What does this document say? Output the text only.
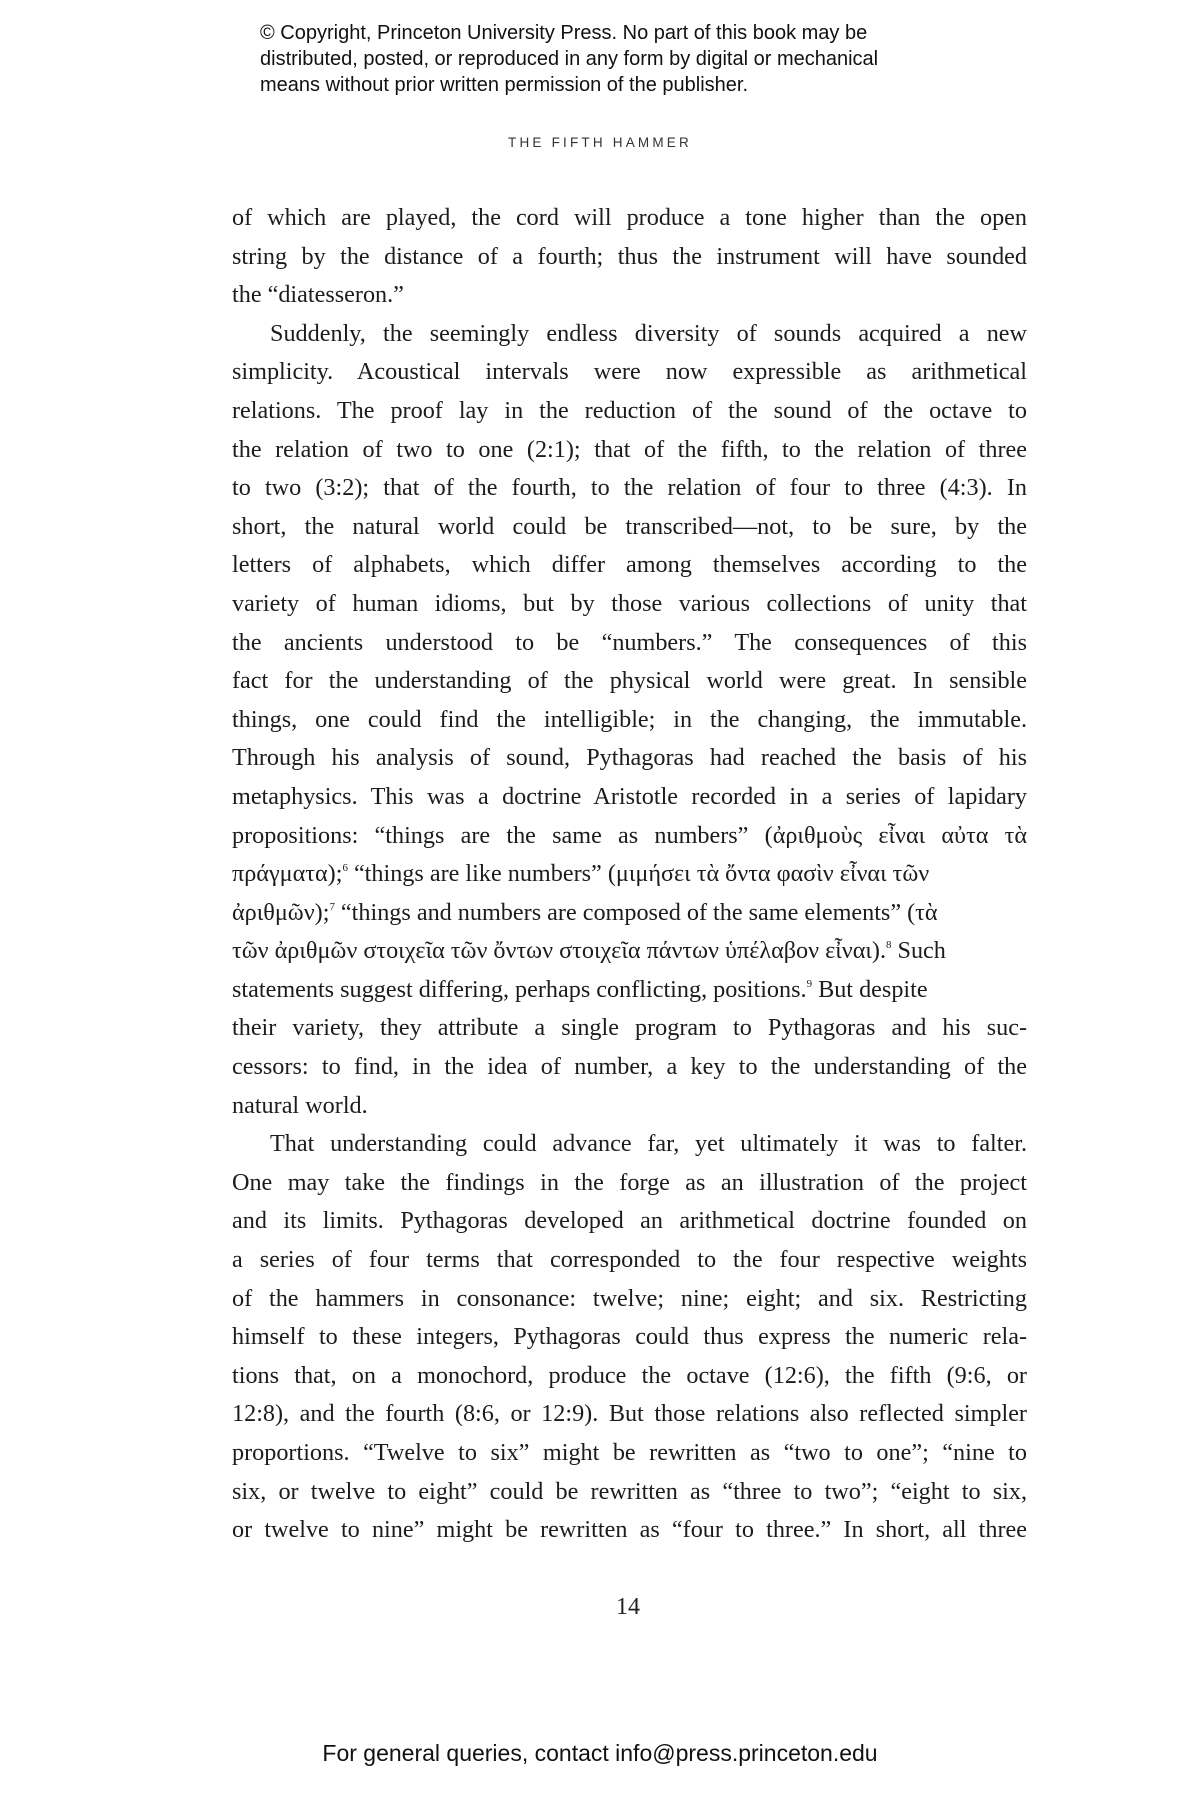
© Copyright, Princeton University Press. No part of this book may be
distributed, posted, or reproduced in any form by digital or mechanical
means without prior written permission of the publisher.
THE FIFTH HAMMER
of which are played, the cord will produce a tone higher than the open
string by the distance of a fourth; thus the instrument will have sounded
the “diatesseron.”
Suddenly, the seemingly endless diversity of sounds acquired a new
simplicity. Acoustical intervals were now expressible as arithmetical
relations. The proof lay in the reduction of the sound of the octave to
the relation of two to one (2:1); that of the fifth, to the relation of three
to two (3:2); that of the fourth, to the relation of four to three (4:3). In
short, the natural world could be transcribed—not, to be sure, by the
letters of alphabets, which differ among themselves according to the
variety of human idioms, but by those various collections of unity that
the ancients understood to be “numbers.” The consequences of this
fact for the understanding of the physical world were great. In sensible
things, one could find the intelligible; in the changing, the immutable.
Through his analysis of sound, Pythagoras had reached the basis of his
metaphysics. This was a doctrine Aristotle recorded in a series of lapidary
propositions: “things are the same as numbers” (ἀριθμοὺς εἶναι αὐτα τὰ
πράγματα);$^6$ “things are like numbers” (μιμήσει τὰ ὄντα φασὶν εἶναι τῶν
ἀριθμῶν);$^7$ “things and numbers are composed of the same elements” (τὰ
τῶν ἀριθμῶν στοιχεῖα τῶν ὄντων στοιχεῖα πάντων ὑπέλαβον εἶναι).$^8$ Such
statements suggest differing, perhaps conflicting, positions.$^9$ But despite
their variety, they attribute a single program to Pythagoras and his suc-
cessors: to find, in the idea of number, a key to the understanding of the
natural world.
That understanding could advance far, yet ultimately it was to falter.
One may take the findings in the forge as an illustration of the project
and its limits. Pythagoras developed an arithmetical doctrine founded on
a series of four terms that corresponded to the four respective weights
of the hammers in consonance: twelve; nine; eight; and six. Restricting
himself to these integers, Pythagoras could thus express the numeric rela-
tions that, on a monochord, produce the octave (12:6), the fifth (9:6, or
12:8), and the fourth (8:6, or 12:9). But those relations also reflected simpler
proportions. “Twelve to six” might be rewritten as “two to one”; “nine to
six, or twelve to eight” could be rewritten as “three to two”; “eight to six,
or twelve to nine” might be rewritten as “four to three.” In short, all three
14
For general queries, contact info@press.princeton.edu
